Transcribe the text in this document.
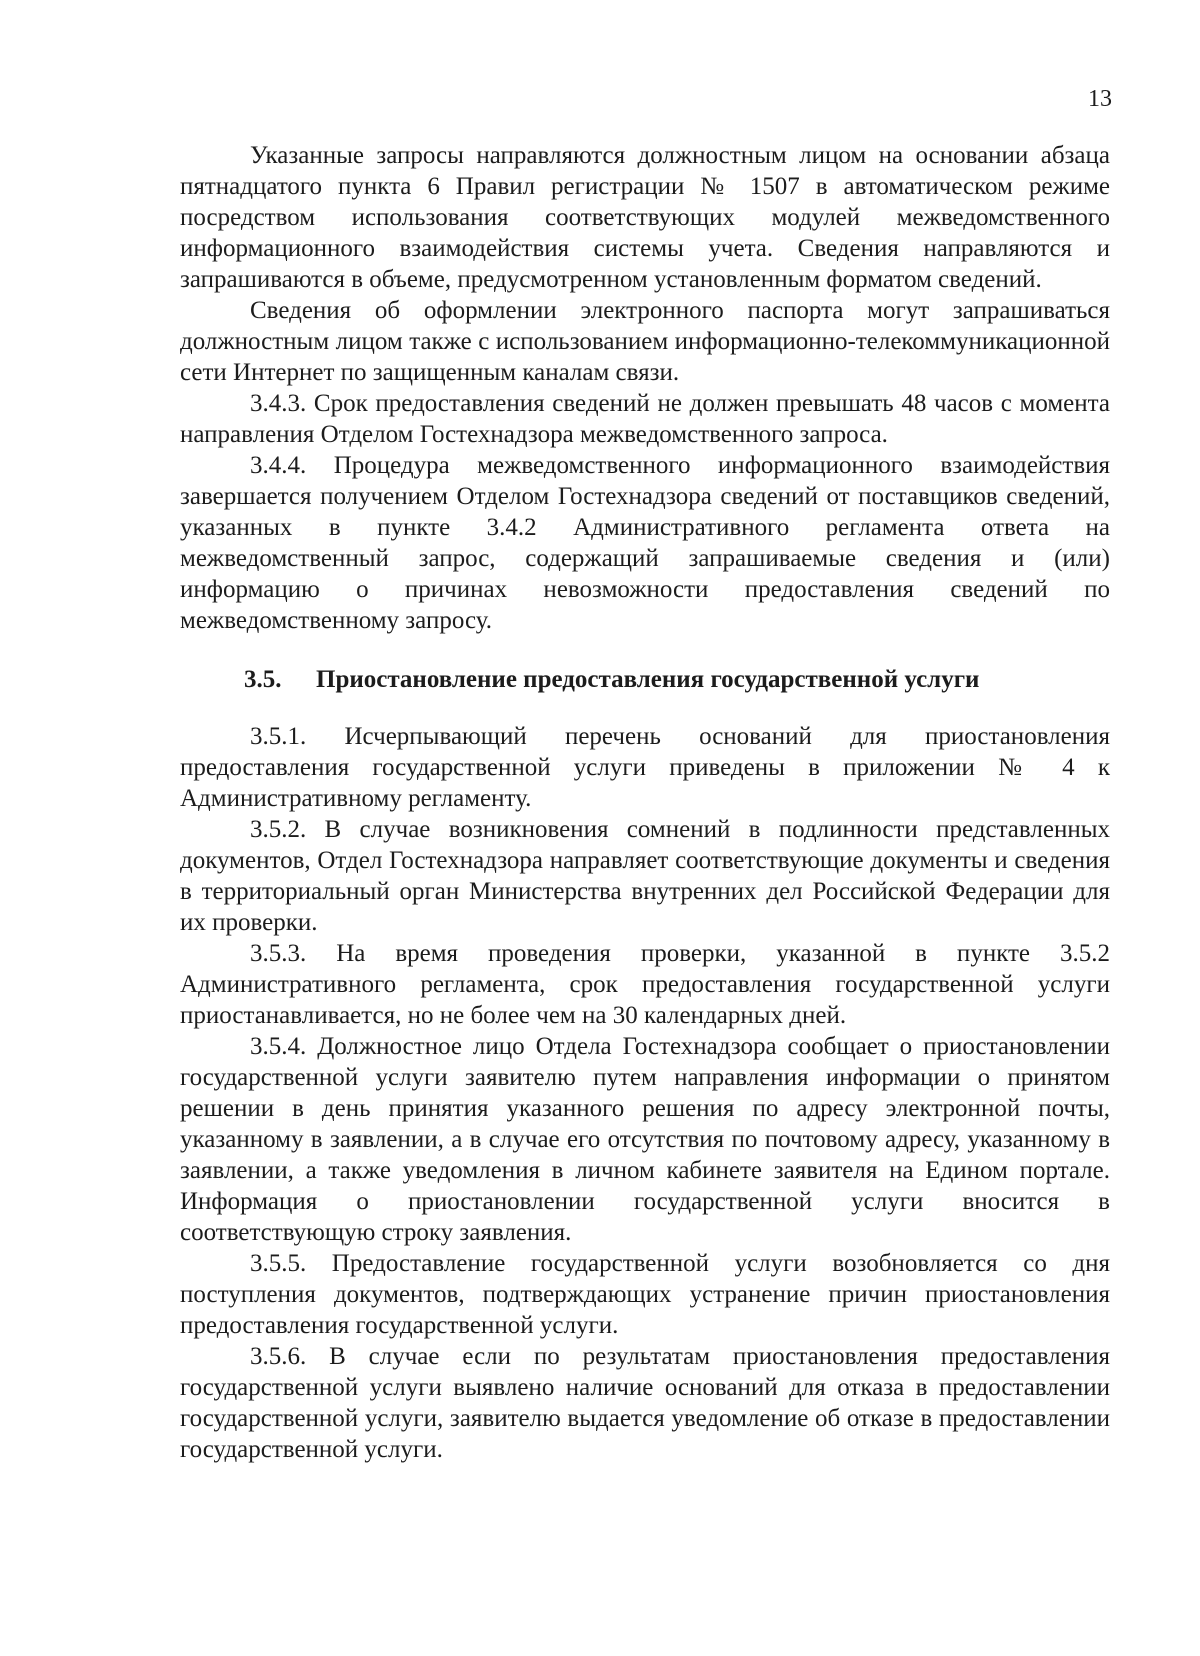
13

Указанные запросы направляются должностным лицом на основании абзаца пятнадцатого пункта 6 Правил регистрации № 1507 в автоматическом режиме посредством использования соответствующих модулей межведомственного информационного взаимодействия системы учета. Сведения направляются и запрашиваются в объеме, предусмотренном установленным форматом сведений.

Сведения об оформлении электронного паспорта могут запрашиваться должностным лицом также с использованием информационно-телекоммуникационной сети Интернет по защищенным каналам связи.

3.4.3. Срок предоставления сведений не должен превышать 48 часов с момента направления Отделом Гостехнадзора межведомственного запроса.

3.4.4. Процедура межведомственного информационного взаимодействия завершается получением Отделом Гостехнадзора сведений от поставщиков сведений, указанных в пункте 3.4.2 Административного регламента ответа на межведомственный запрос, содержащий запрашиваемые сведения и (или) информацию о причинах невозможности предоставления сведений по межведомственному запросу.

3.5. Приостановление предоставления государственной услуги

3.5.1. Исчерпывающий перечень оснований для приостановления предоставления государственной услуги приведены в приложении № 4 к Административному регламенту.

3.5.2. В случае возникновения сомнений в подлинности представленных документов, Отдел Гостехнадзора направляет соответствующие документы и сведения в территориальный орган Министерства внутренних дел Российской Федерации для их проверки.

3.5.3. На время проведения проверки, указанной в пункте 3.5.2 Административного регламента, срок предоставления государственной услуги приостанавливается, но не более чем на 30 календарных дней.

3.5.4. Должностное лицо Отдела Гостехнадзора сообщает о приостановлении государственной услуги заявителю путем направления информации о принятом решении в день принятия указанного решения по адресу электронной почты, указанному в заявлении, а в случае его отсутствия по почтовому адресу, указанному в заявлении, а также уведомления в личном кабинете заявителя на Едином портале. Информация о приостановлении государственной услуги вносится в соответствующую строку заявления.

3.5.5. Предоставление государственной услуги возобновляется со дня поступления документов, подтверждающих устранение причин приостановления предоставления государственной услуги.

3.5.6. В случае если по результатам приостановления предоставления государственной услуги выявлено наличие оснований для отказа в предоставлении государственной услуги, заявителю выдается уведомление об отказе в предоставлении государственной услуги.
